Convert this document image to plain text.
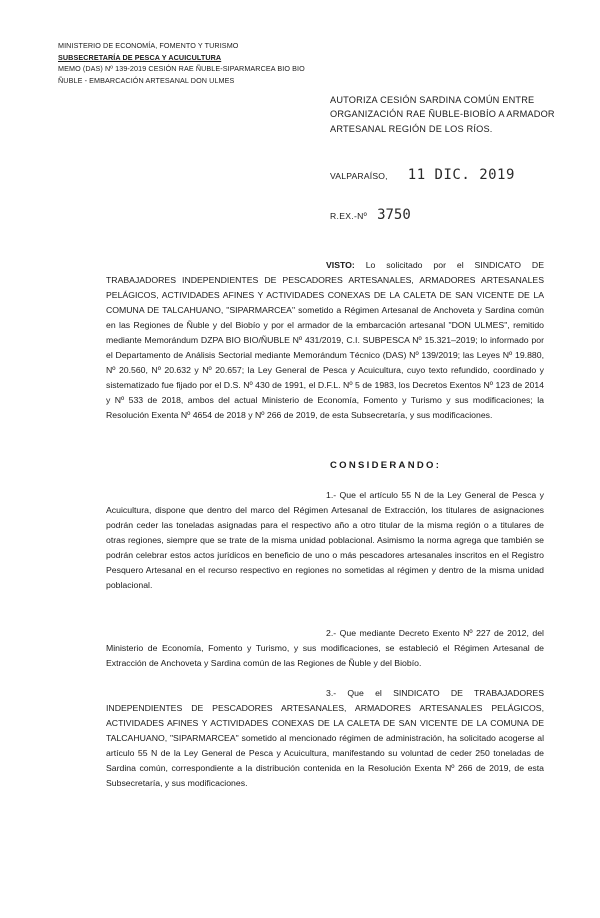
MINISTERIO DE ECONOMÍA, FOMENTO Y TURISMO
SUBSECRETARÍA DE PESCA Y ACUICULTURA
MEMO (DAS) Nº 139-2019 CESIÓN RAE ÑUBLE-SIPARMARCEA BIO BIO
ÑUBLE - EMBARCACIÓN ARTESANAL DON ULMES
AUTORIZA CESIÓN SARDINA COMÚN ENTRE ORGANIZACIÓN RAE ÑUBLE-BIOBÍO A ARMADOR ARTESANAL REGIÓN DE LOS RÍOS.
VALPARAÍSO, 11 DIC. 2019
R.EX.-Nº 3750
VISTO: Lo solicitado por el SINDICATO DE TRABAJADORES INDEPENDIENTES DE PESCADORES ARTESANALES, ARMADORES ARTESANALES PELÁGICOS, ACTIVIDADES AFINES Y ACTIVIDADES CONEXAS DE LA CALETA DE SAN VICENTE DE LA COMUNA DE TALCAHUANO, "SIPARMARCEA" sometido a Régimen Artesanal de Anchoveta y Sardina común en las Regiones de Ñuble y del Biobío y por el armador de la embarcación artesanal "DON ULMES", remitido mediante Memorándum DZPA BIO BIO/ÑUBLE Nº 431/2019, C.I. SUBPESCA Nº 15.321–2019; lo informado por el Departamento de Análisis Sectorial mediante Memorándum Técnico (DAS) Nº 139/2019; las Leyes Nº 19.880, Nº 20.560, Nº 20.632 y Nº 20.657; la Ley General de Pesca y Acuicultura, cuyo texto refundido, coordinado y sistematizado fue fijado por el D.S. Nº 430 de 1991, el D.F.L. Nº 5 de 1983, los Decretos Exentos Nº 123 de 2014 y Nº 533 de 2018, ambos del actual Ministerio de Economía, Fomento y Turismo y sus modificaciones; la Resolución Exenta Nº 4654 de 2018 y Nº 266 de 2019, de esta Subsecretaría, y sus modificaciones.
CONSIDERANDO:
1.- Que el artículo 55 N de la Ley General de Pesca y Acuicultura, dispone que dentro del marco del Régimen Artesanal de Extracción, los titulares de asignaciones podrán ceder las toneladas asignadas para el respectivo año a otro titular de la misma región o a titulares de otras regiones, siempre que se trate de la misma unidad poblacional. Asimismo la norma agrega que también se podrán celebrar estos actos jurídicos en beneficio de uno o más pescadores artesanales inscritos en el Registro Pesquero Artesanal en el recurso respectivo en regiones no sometidas al régimen y dentro de la misma unidad poblacional.
2.- Que mediante Decreto Exento Nº 227 de 2012, del Ministerio de Economía, Fomento y Turismo, y sus modificaciones, se estableció el Régimen Artesanal de Extracción de Anchoveta y Sardina común de las Regiones de Ñuble y del Biobío.
3.- Que el SINDICATO DE TRABAJADORES INDEPENDIENTES DE PESCADORES ARTESANALES, ARMADORES ARTESANALES PELÁGICOS, ACTIVIDADES AFINES Y ACTIVIDADES CONEXAS DE LA CALETA DE SAN VICENTE DE LA COMUNA DE TALCAHUANO, "SIPARMARCEA" sometido al mencionado régimen de administración, ha solicitado acogerse al artículo 55 N de la Ley General de Pesca y Acuicultura, manifestando su voluntad de ceder 250 toneladas de Sardina común, correspondiente a la distribución contenida en la Resolución Exenta Nº 266 de 2019, de esta Subsecretaría, y sus modificaciones.
